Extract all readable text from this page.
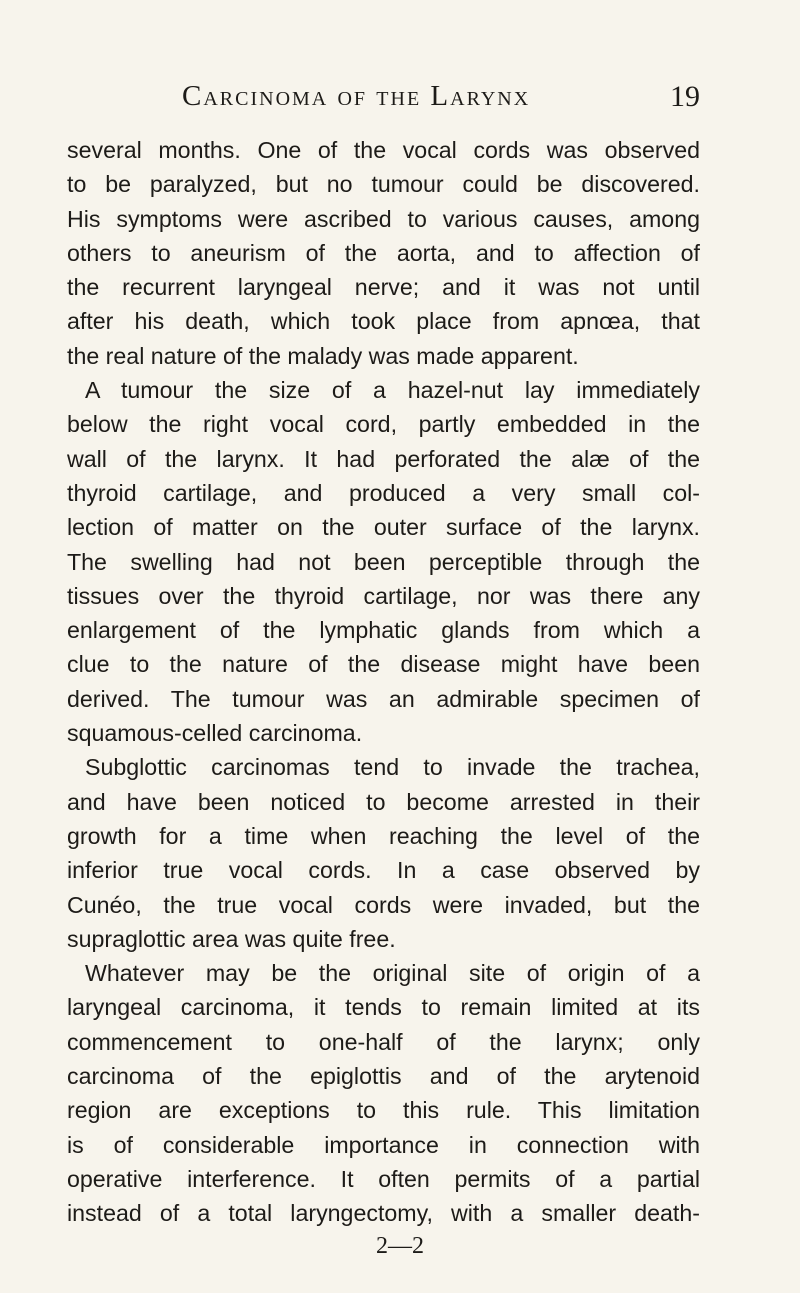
Carcinoma of the Larynx	19
several months. One of the vocal cords was observed
to be paralyzed, but no tumour could be discovered.
His symptoms were ascribed to various causes, among
others to aneurism of the aorta, and to affection of
the recurrent laryngeal nerve; and it was not until
after his death, which took place from apnœa, that
the real nature of the malady was made apparent.
A tumour the size of a hazel-nut lay immediately
below the right vocal cord, partly embedded in the
wall of the larynx. It had perforated the alæ of the
thyroid cartilage, and produced a very small col-
lection of matter on the outer surface of the larynx.
The swelling had not been perceptible through the
tissues over the thyroid cartilage, nor was there any
enlargement of the lymphatic glands from which a
clue to the nature of the disease might have been
derived. The tumour was an admirable specimen of
squamous-celled carcinoma.
Subglottic carcinomas tend to invade the trachea,
and have been noticed to become arrested in their
growth for a time when reaching the level of the
inferior true vocal cords. In a case observed by
Cunéo, the true vocal cords were invaded, but the
supraglottic area was quite free.
Whatever may be the original site of origin of a
laryngeal carcinoma, it tends to remain limited at its
commencement to one-half of the larynx; only
carcinoma of the epiglottis and of the arytenoid
region are exceptions to this rule. This limitation
is of considerable importance in connection with
operative interference. It often permits of a partial
instead of a total laryngectomy, with a smaller death-
2—2
